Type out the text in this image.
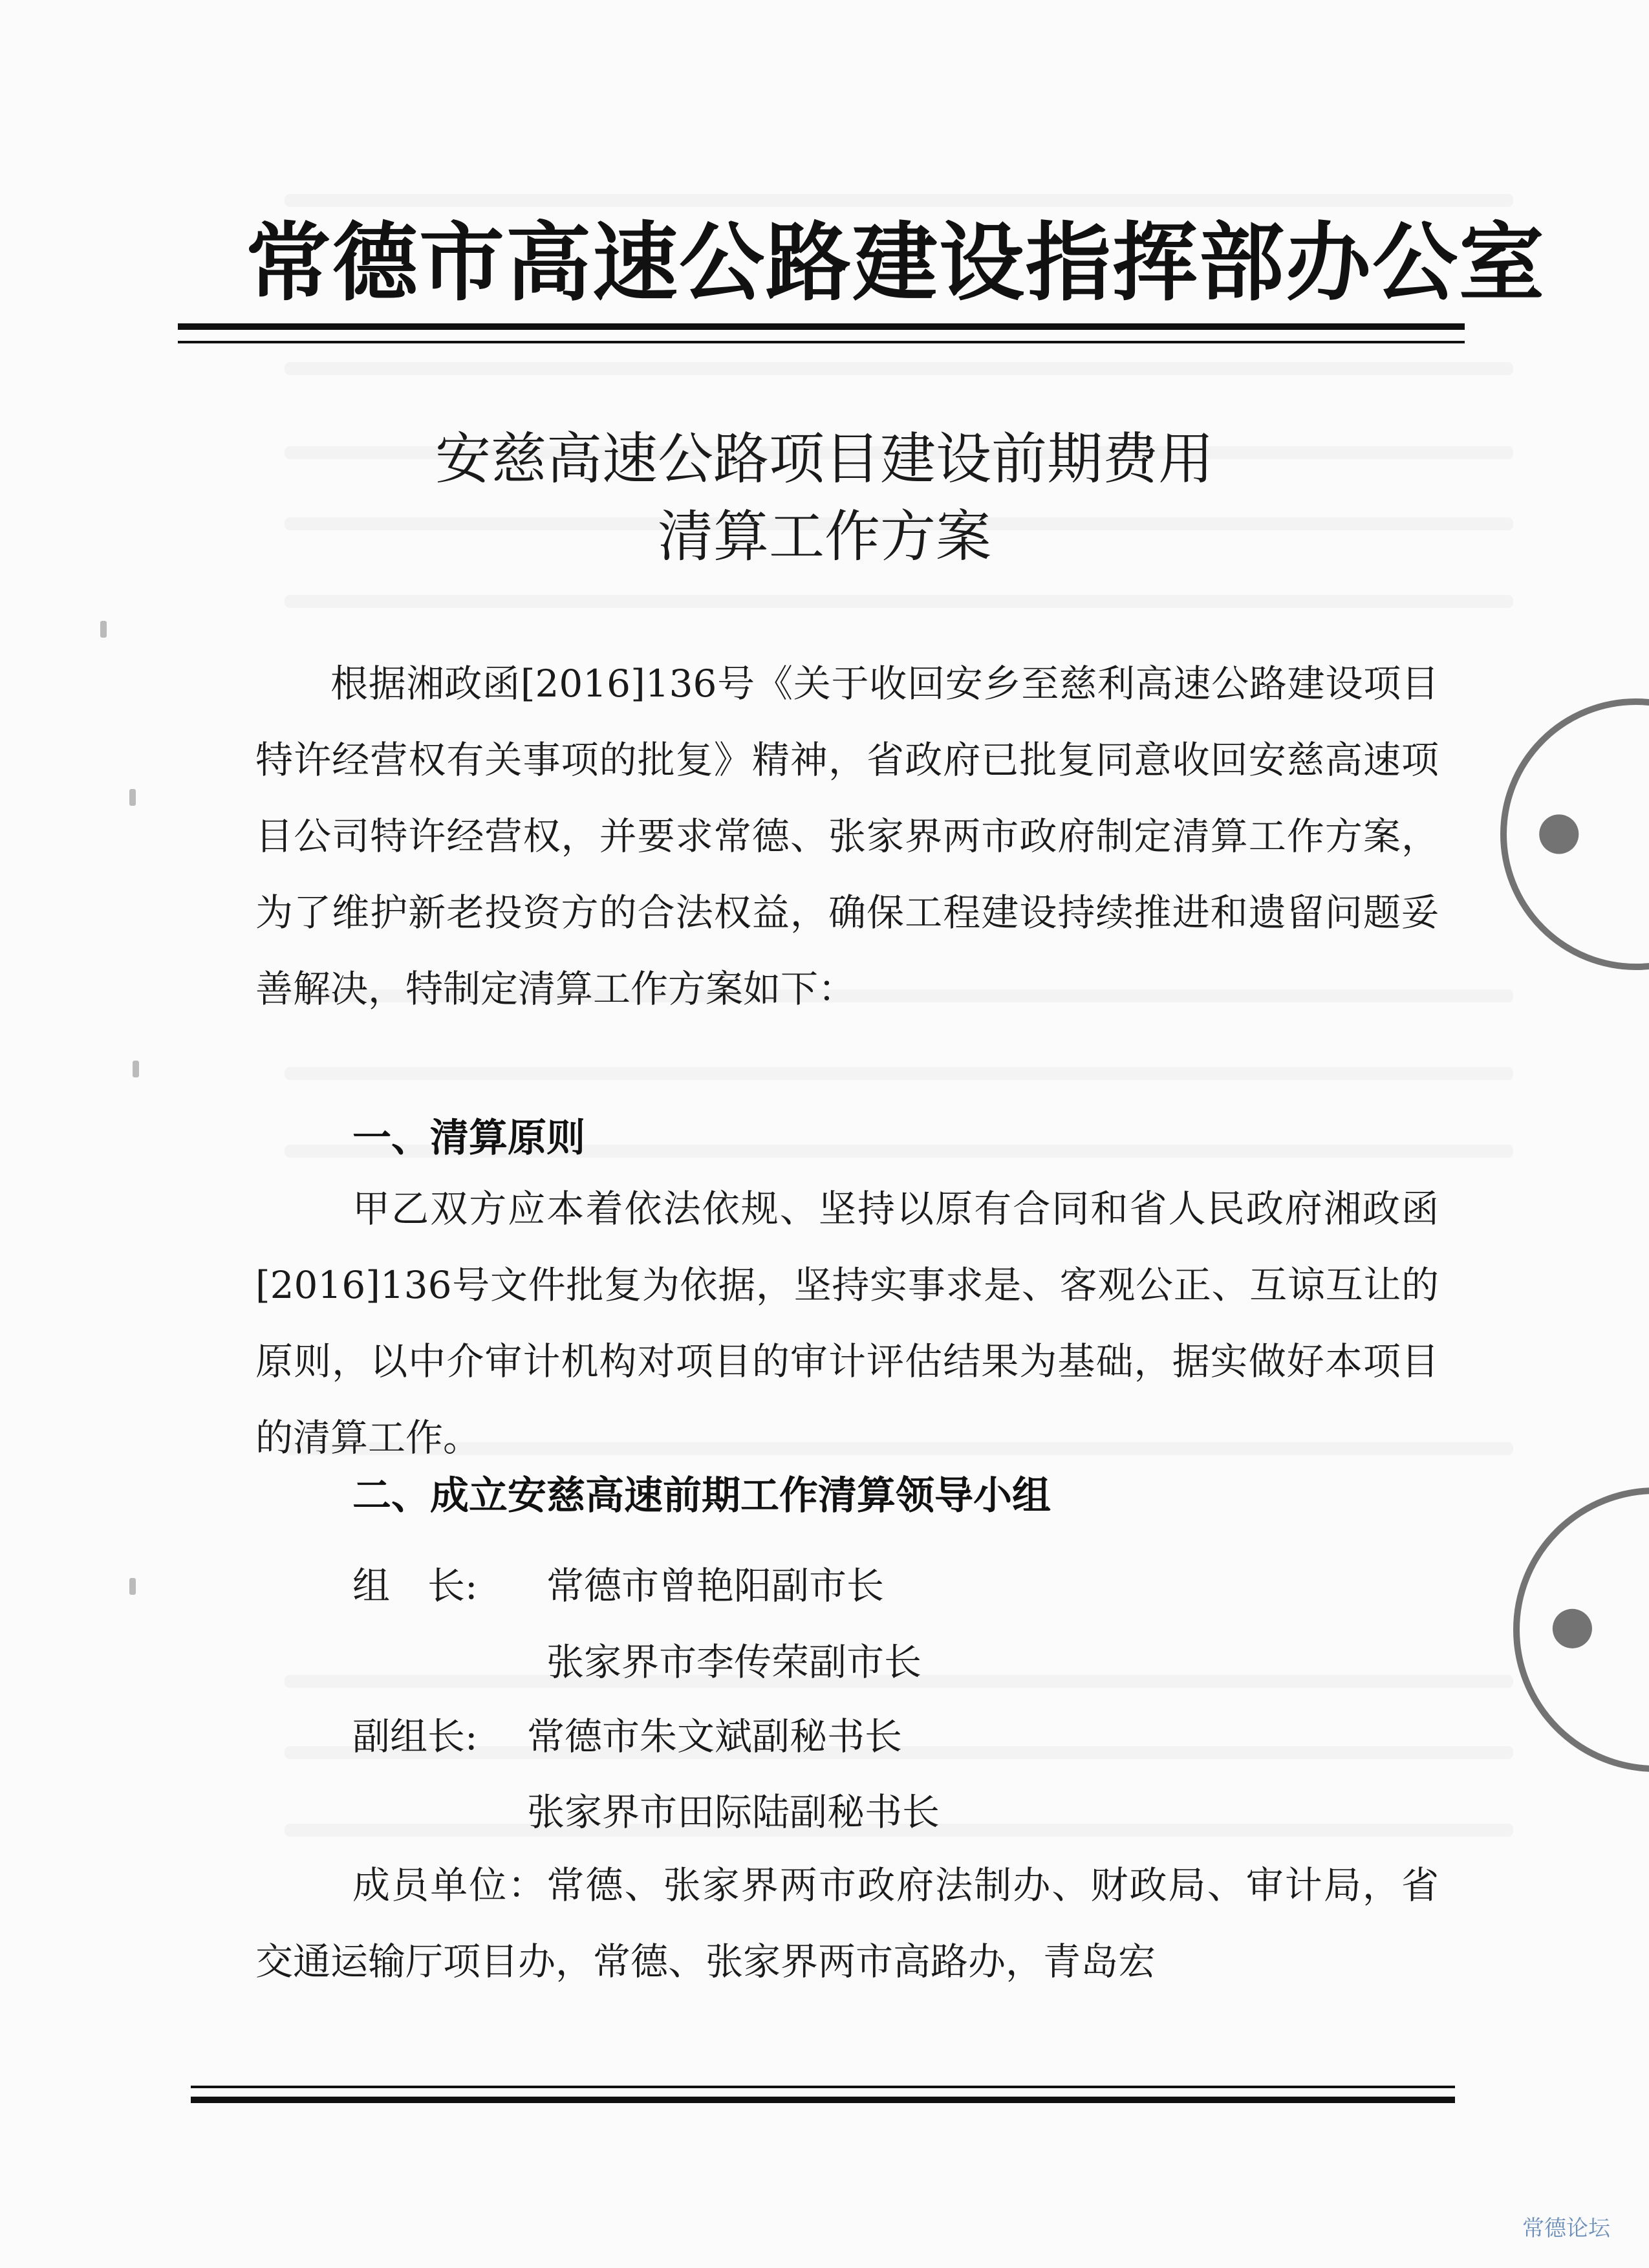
常德市高速公路建设指挥部办公室
安慈高速公路项目建设前期费用
清算工作方案

根据湘政函[2016]136号《关于收回安乡至慈利高速公路建设项目特许经营权有关事项的批复》精神，省政府已批复同意收回安慈高速项目公司特许经营权，并要求常德、张家界两市政府制定清算工作方案，为了维护新老投资方的合法权益，确保工程建设持续推进和遗留问题妥善解决，特制定清算工作方案如下：

一、清算原则

甲乙双方应本着依法依规、坚持以原有合同和省人民政府湘政函[2016]136号文件批复为依据，坚持实事求是、客观公正、互谅互让的原则，以中介审计机构对项目的审计评估结果为基础，据实做好本项目的清算工作。

二、成立安慈高速前期工作清算领导小组
组　长: 常德市曾艳阳副市长
张家界市李传荣副市长
副组长: 常德市朱文斌副秘书长
张家界市田际陆副秘书长

成员单位：常德、张家界两市政府法制办、财政局、审计局，省交通运输厅项目办，常德、张家界两市高路办，青岛宏

●
●
常德论坛
